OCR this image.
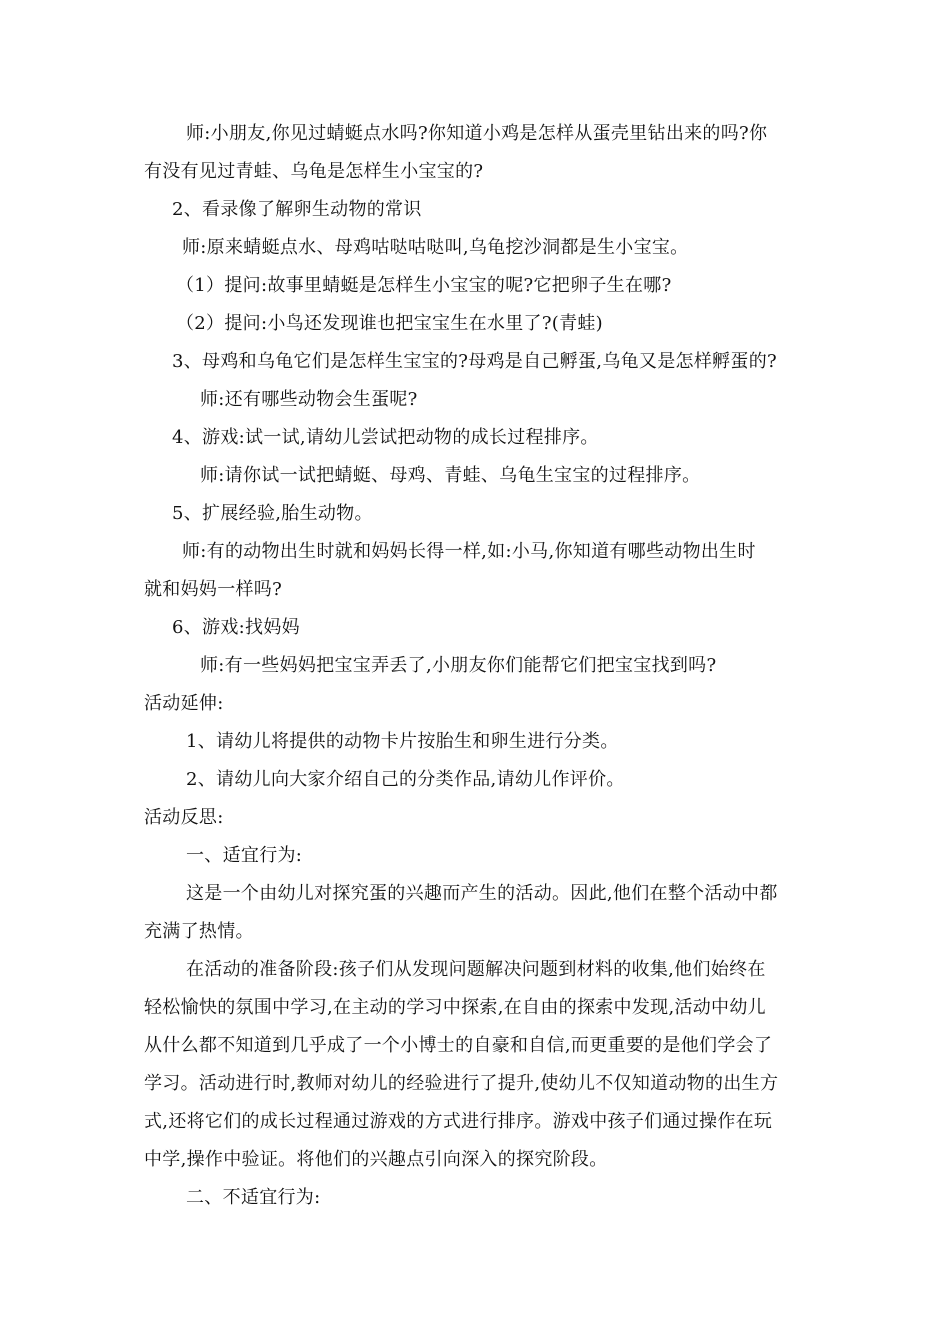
师:小朋友,你见过蜻蜓点水吗?你知道小鸡是怎样从蛋壳里钻出来的吗?你
有没有见过青蛙、乌龟是怎样生小宝宝的?
2、看录像了解卵生动物的常识
师:原来蜻蜓点水、母鸡咕哒咕哒叫,乌龟挖沙洞都是生小宝宝。
（1）提问:故事里蜻蜓是怎样生小宝宝的呢?它把卵子生在哪?
（2）提问:小鸟还发现谁也把宝宝生在水里了?(青蛙)
3、母鸡和乌龟它们是怎样生宝宝的?母鸡是自己孵蛋,乌龟又是怎样孵蛋的?
师:还有哪些动物会生蛋呢?
4、游戏:试一试,请幼儿尝试把动物的成长过程排序。
师:请你试一试把蜻蜓、母鸡、青蛙、乌龟生宝宝的过程排序。
5、扩展经验,胎生动物。
师:有的动物出生时就和妈妈长得一样,如:小马,你知道有哪些动物出生时
就和妈妈一样吗?
6、游戏:找妈妈
师:有一些妈妈把宝宝弄丢了,小朋友你们能帮它们把宝宝找到吗?
活动延伸:
1、请幼儿将提供的动物卡片按胎生和卵生进行分类。
2、请幼儿向大家介绍自己的分类作品,请幼儿作评价。
活动反思:
一、适宜行为:
这是一个由幼儿对探究蛋的兴趣而产生的活动。因此,他们在整个活动中都
充满了热情。
在活动的准备阶段:孩子们从发现问题解决问题到材料的收集,他们始终在
轻松愉快的氛围中学习,在主动的学习中探索,在自由的探索中发现,活动中幼儿
从什么都不知道到几乎成了一个小博士的自豪和自信,而更重要的是他们学会了
学习。活动进行时,教师对幼儿的经验进行了提升,使幼儿不仅知道动物的出生方
式,还将它们的成长过程通过游戏的方式进行排序。游戏中孩子们通过操作在玩
中学,操作中验证。将他们的兴趣点引向深入的探究阶段。
二、不适宜行为:
